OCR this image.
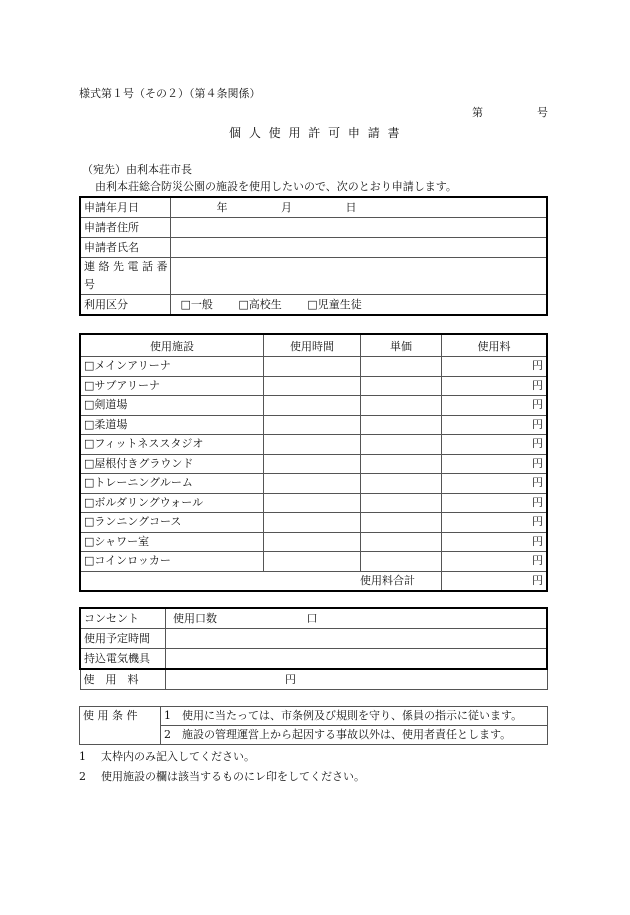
様式第１号（その２）（第４条関係）
第	号
個 人 使 用 許 可 申 請 書
（宛先）由利本荘市長
由利本荘総合防災公園の施設を使用したいので、次のとおり申請します。
申請年月日	年 月 日
申請者住所	
申請者氏名	

連 絡 先 電 話 番
号	

利用区分	□一般 □高校生 □児童生徒
使用施設	使用時間	単価	使用料
□メインアリーナ			円
□サブアリーナ			円
□剣道場			円
□柔道場			円
□フィットネススタジオ			円
□屋根付きグラウンド			円
□トレーニングルーム			円
□ボルダリングウォール			円
□ランニングコース			円
□シャワー室			円
□コインロッカー			円
使用料合計			円
コンセント	使用口数 口
使用予定時間	
持込電気機具	
使　用　料	円
使 用 条 件	1 使用に当たっては、市条例及び規則を守り、係員の指示に従います。
2 施設の管理運営上から起因する事故以外は、使用者責任とします。
1 太枠内のみ記入してください。
2 使用施設の欄は該当するものにレ印をしてください。
